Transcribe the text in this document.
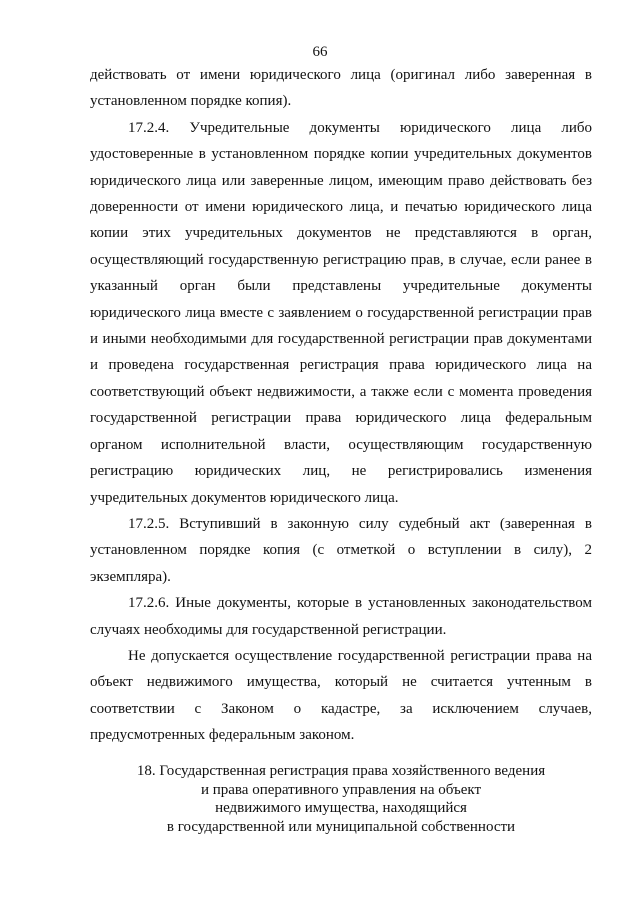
66

действовать от имени юридического лица (оригинал либо заверенная в установленном порядке копия).

17.2.4. Учредительные документы юридического лица либо удостоверенные в установленном порядке копии учредительных документов юридического лица или заверенные лицом, имеющим право действовать без доверенности от имени юридического лица, и печатью юридического лица копии этих учредительных документов не представляются в орган, осуществляющий государственную регистрацию прав, в случае, если ранее в указанный орган были представлены учредительные документы юридического лица вместе с заявлением о государственной регистрации прав и иными необходимыми для государственной регистрации прав документами и проведена государственная регистрация права юридического лица на соответствующий объект недвижимости, а также если с момента проведения государственной регистрации права юридического лица федеральным органом исполнительной власти, осуществляющим государственную регистрацию юридических лиц, не регистрировались изменения учредительных документов юридического лица.

17.2.5. Вступивший в законную силу судебный акт (заверенная в установленном порядке копия (с отметкой о вступлении в силу), 2 экземпляра).

17.2.6. Иные документы, которые в установленных законодательством случаях необходимы для государственной регистрации.

Не допускается осуществление государственной регистрации права на объект недвижимого имущества, который не считается учтенным в соответствии с Законом о кадастре, за исключением случаев, предусмотренных федеральным законом.

18. Государственная регистрация права хозяйственного ведения
и права оперативного управления на объект
недвижимого имущества, находящийся
в государственной или муниципальной собственности
